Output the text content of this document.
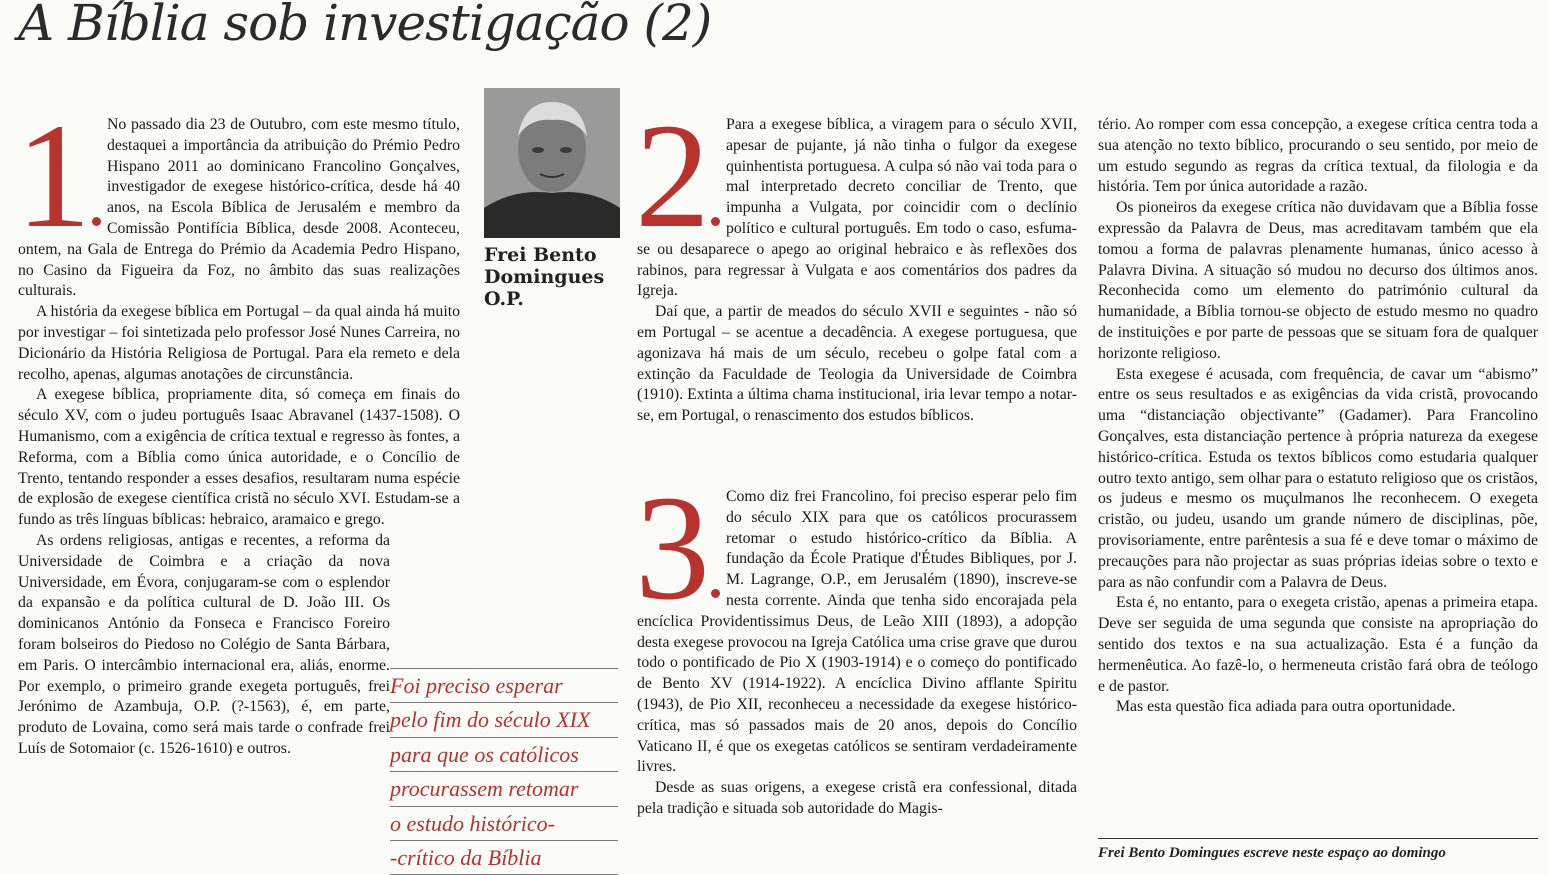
A Bíblia sob investigação (2)
1	No passado dia 23 de Outubro, com este mesmo título, destaquei a importância da atribuição do Prémio Pedro Hispano 2011 ao dominicano Francolino Gonçalves, investigador de exegese histórico-crítica, desde há 40 anos, na Escola Bíblica de Jerusalém e membro da Comissão Pontifícia Bíblica, desde 2008. Aconteceu, ontem, na Gala de Entrega do Prémio da Academia Pedro Hispano, no Casino da Figueira da Foz, no âmbito das suas realizações culturais.

A história da exegese bíblica em Portugal – da qual ainda há muito por investigar – foi sintetizada pelo professor José Nunes Carreira, no Dicionário da História Religiosa de Portugal. Para ela remeto e dela recolho, apenas, algumas anotações de circunstância.

A exegese bíblica, propriamente dita, só começa em finais do século XV, com o judeu português Isaac Abravanel (1437-1508). O Humanismo, com a exigência de crítica textual e regresso às fontes, a Reforma, com a Bíblia como única autoridade, e o Concílio de Trento, tentando responder a esses desafios, resultaram numa espécie de explosão de exegese científica cristã no século XVI. Estudam-se a fundo as três línguas bíblicas: hebraico, aramaico e grego.

As ordens religiosas, antigas e recentes, a reforma da Universidade de Coimbra e a criação da nova Universidade, em Évora, conjugaram-se com o esplendor da expansão e da política cultural de D. João III. Os dominicanos António da Fonseca e Francisco Foreiro foram bolseiros do Piedoso no Colégio de Santa Bárbara, em Paris. O intercâmbio internacional era, aliás, enorme. Por exemplo, o primeiro grande exegeta português, frei Jerónimo de Azambuja, O.P. (?-1563), é, em parte, produto de Lovaina, como será mais tarde o confrade frei Luís de Sotomaior (c. 1526-1610) e outros.

Frei Bento
Domingues
O.P.
Foi preciso esperar
pelo fim do século XIX
para que os católicos
procurassem retomar
o estudo histórico-
-crítico da Bíblia
2	Para a exegese bíblica, a viragem para o século XVII, apesar de pujante, já não tinha o fulgor da exegese quinhentista portuguesa. A culpa só não vai toda para o mal interpretado decreto conciliar de Trento, que impunha a Vulgata, por coincidir com o declínio político e cultural português. Em todo o caso, esfuma-se ou desaparece o apego ao original hebraico e às reflexões dos rabinos, para regressar à Vulgata e aos comentários dos padres da Igreja.

Daí que, a partir de meados do século XVII e seguintes - não só em Portugal – se acentue a decadência. A exegese portuguesa, que agonizava há mais de um século, recebeu o golpe fatal com a extinção da Faculdade de Teologia da Universidade de Coimbra (1910). Extinta a última chama institucional, iria levar tempo a notar-se, em Portugal, o renascimento dos estudos bíblicos.

3	Como diz frei Francolino, foi preciso esperar pelo fim do século XIX para que os católicos procurassem retomar o estudo histórico-crítico da Bíblia. A fundação da École Pratique d'Études Bibliques, por J. M. Lagrange, O.P., em Jerusalém (1890), inscreve-se nesta corrente. Ainda que tenha sido encorajada pela encíclica Providentissimus Deus, de Leão XIII (1893), a adopção desta exegese provocou na Igreja Católica uma crise grave que durou todo o pontificado de Pio X (1903-1914) e o começo do pontificado de Bento XV (1914-1922). A encíclica Divino afflante Spiritu (1943), de Pio XII, reconheceu a necessidade da exegese histórico-crítica, mas só passados mais de 20 anos, depois do Concílio Vaticano II, é que os exegetas católicos se sentiram verdadeiramente livres.

Desde as suas origens, a exegese cristã era confessional, ditada pela tradição e situada sob autoridade do Magis-

tério. Ao romper com essa concepção, a exegese crítica centra toda a sua atenção no texto bíblico, procurando o seu sentido, por meio de um estudo segundo as regras da crítica textual, da filologia e da história. Tem por única autoridade a razão.

Os pioneiros da exegese crítica não duvidavam que a Bíblia fosse expressão da Palavra de Deus, mas acreditavam também que ela tomou a forma de palavras plenamente humanas, único acesso à Palavra Divina. A situação só mudou no decurso dos últimos anos. Reconhecida como um elemento do património cultural da humanidade, a Bíblia tornou-se objecto de estudo mesmo no quadro de instituições e por parte de pessoas que se situam fora de qualquer horizonte religioso.

Esta exegese é acusada, com frequência, de cavar um “abismo” entre os seus resultados e as exigências da vida cristã, provocando uma “distanciação objectivante” (Gadamer). Para Francolino Gonçalves, esta distanciação pertence à própria natureza da exegese histórico-crítica. Estuda os textos bíblicos como estudaria qualquer outro texto antigo, sem olhar para o estatuto religioso que os cristãos, os judeus e mesmo os muçulmanos lhe reconhecem. O exegeta cristão, ou judeu, usando um grande número de disciplinas, põe, provisoriamente, entre parêntesis a sua fé e deve tomar o máximo de precauções para não projectar as suas próprias ideias sobre o texto e para as não confundir com a Palavra de Deus.

Esta é, no entanto, para o exegeta cristão, apenas a primeira etapa. Deve ser seguida de uma segunda que consiste na apropriação do sentido dos textos e na sua actualização. Esta é a função da hermenêutica. Ao fazê-lo, o hermeneuta cristão fará obra de teólogo e de pastor.

Mas esta questão fica adiada para outra oportunidade.

Frei Bento Domingues escreve neste espaço ao domingo
